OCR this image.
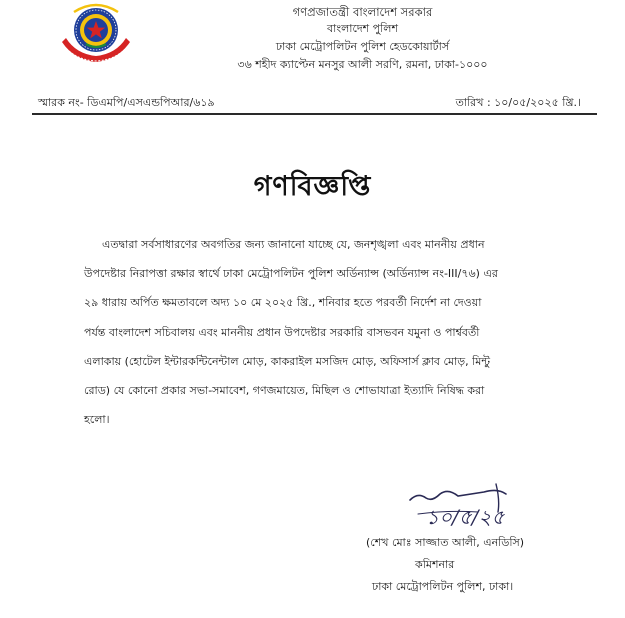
গণপ্রজাতন্ত্রী বাংলাদেশ সরকার
বাংলাদেশ পুলিশ
ঢাকা মেট্রোপলিটন পুলিশ হেডকোয়ার্টার্স
৩৬ শহীদ ক্যাপ্টেন মনসুর আলী সরণি, রমনা, ঢাকা-১০০০
স্মারক নং- ডিএমপি/এসএন্ডপিআর/৬১৯	তারিখ : ১০/০৫/২০২৫ খ্রি.।
গণবিজ্ঞপ্তি
এতদ্বারা সর্বসাধারণের অবগতির জন্য জানানো যাচ্ছে যে, জনশৃঙ্খলা এবং মাননীয় প্রধান
উপদেষ্টার নিরাপত্তা রক্ষার স্বার্থে ঢাকা মেট্রোপলিটন পুলিশ অর্ডিন্যান্স (অর্ডিন্যান্স নং-III/৭৬) এর
২৯ ধারায় অর্পিত ক্ষমতাবলে অদ্য ১০ মে ২০২৫ খ্রি., শনিবার হতে পরবর্তী নির্দেশ না দেওয়া
পর্যন্ত বাংলাদেশ সচিবালয় এবং মাননীয় প্রধান উপদেষ্টার সরকারি বাসভবন যমুনা ও পার্শ্ববর্তী
এলাকায় (হোটেল ইন্টারকন্টিনেন্টাল মোড়, কাকরাইল মসজিদ মোড়, অফিসার্স ক্লাব মোড়, মিন্টু
রোড) যে কোনো প্রকার সভা-সমাবেশ, গণজমায়েত, মিছিল ও শোভাযাত্রা ইত্যাদি নিষিদ্ধ করা
হলো।
১০/৫/২৫
(শেখ মোঃ সাজ্জাত আলী, এনডিসি)
কমিশনার
ঢাকা মেট্রোপলিটন পুলিশ, ঢাকা।
